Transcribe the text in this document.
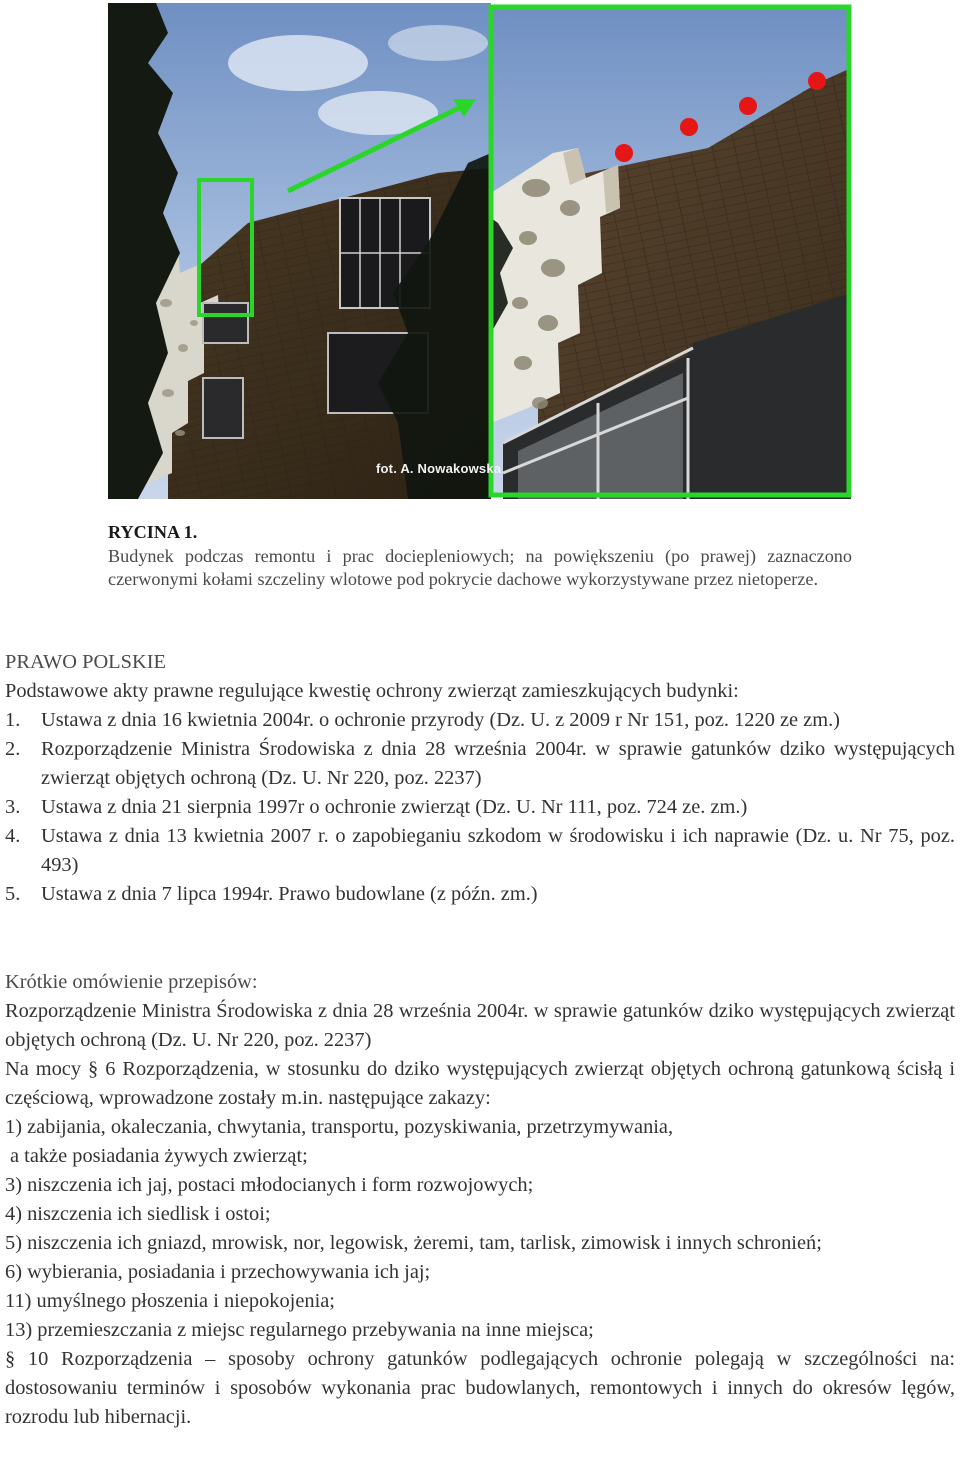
fot. A. Nowakowska
RYCINA 1.
Budynek podczas remontu i prac dociepleniowych; na powiększeniu (po prawej) zaznaczono czerwonymi kołami szczeliny wlotowe pod pokrycie dachowe wykorzystywane przez nietoperze.
PRAWO POLSKIE
Podstawowe akty prawne regulujące kwestię ochrony zwierząt zamieszkujących budynki:
1. Ustawa z dnia 16 kwietnia 2004r. o ochronie przyrody (Dz. U. z 2009 r Nr 151, poz. 1220 ze zm.)
2. Rozporządzenie Ministra Środowiska z dnia 28 września 2004r. w sprawie gatunków dziko występujących zwierząt objętych ochroną (Dz. U. Nr 220, poz. 2237)
3. Ustawa z dnia 21 sierpnia 1997r o ochronie zwierząt (Dz. U. Nr 111, poz. 724 ze. zm.)
4. Ustawa z dnia 13 kwietnia 2007 r. o zapobieganiu szkodom w środowisku i ich naprawie (Dz. u. Nr 75, poz. 493)
5. Ustawa z dnia 7 lipca 1994r. Prawo budowlane (z późn. zm.)
Krótkie omówienie przepisów:
Rozporządzenie Ministra Środowiska z dnia 28 września 2004r. w sprawie gatunków dziko występujących zwierząt objętych ochroną (Dz. U. Nr 220, poz. 2237)
Na mocy § 6 Rozporządzenia, w stosunku do dziko występujących zwierząt objętych ochroną gatunkową ścisłą i częściową, wprowadzone zostały m.in. następujące zakazy:
1) zabijania, okaleczania, chwytania, transportu, pozyskiwania, przetrzymywania,
a także posiadania żywych zwierząt;
3) niszczenia ich jaj, postaci młodocianych i form rozwojowych;
4) niszczenia ich siedlisk i ostoi;
5) niszczenia ich gniazd, mrowisk, nor, legowisk, żeremi, tam, tarlisk, zimowisk i innych schronień;
6) wybierania, posiadania i przechowywania ich jaj;
11) umyślnego płoszenia i niepokojenia;
13) przemieszczania z miejsc regularnego przebywania na inne miejsca;
§ 10 Rozporządzenia – sposoby ochrony gatunków podlegających ochronie polegają w szczególności na: dostosowaniu terminów i sposobów wykonania prac budowlanych, remontowych i innych do okresów lęgów, rozrodu lub hibernacji.
